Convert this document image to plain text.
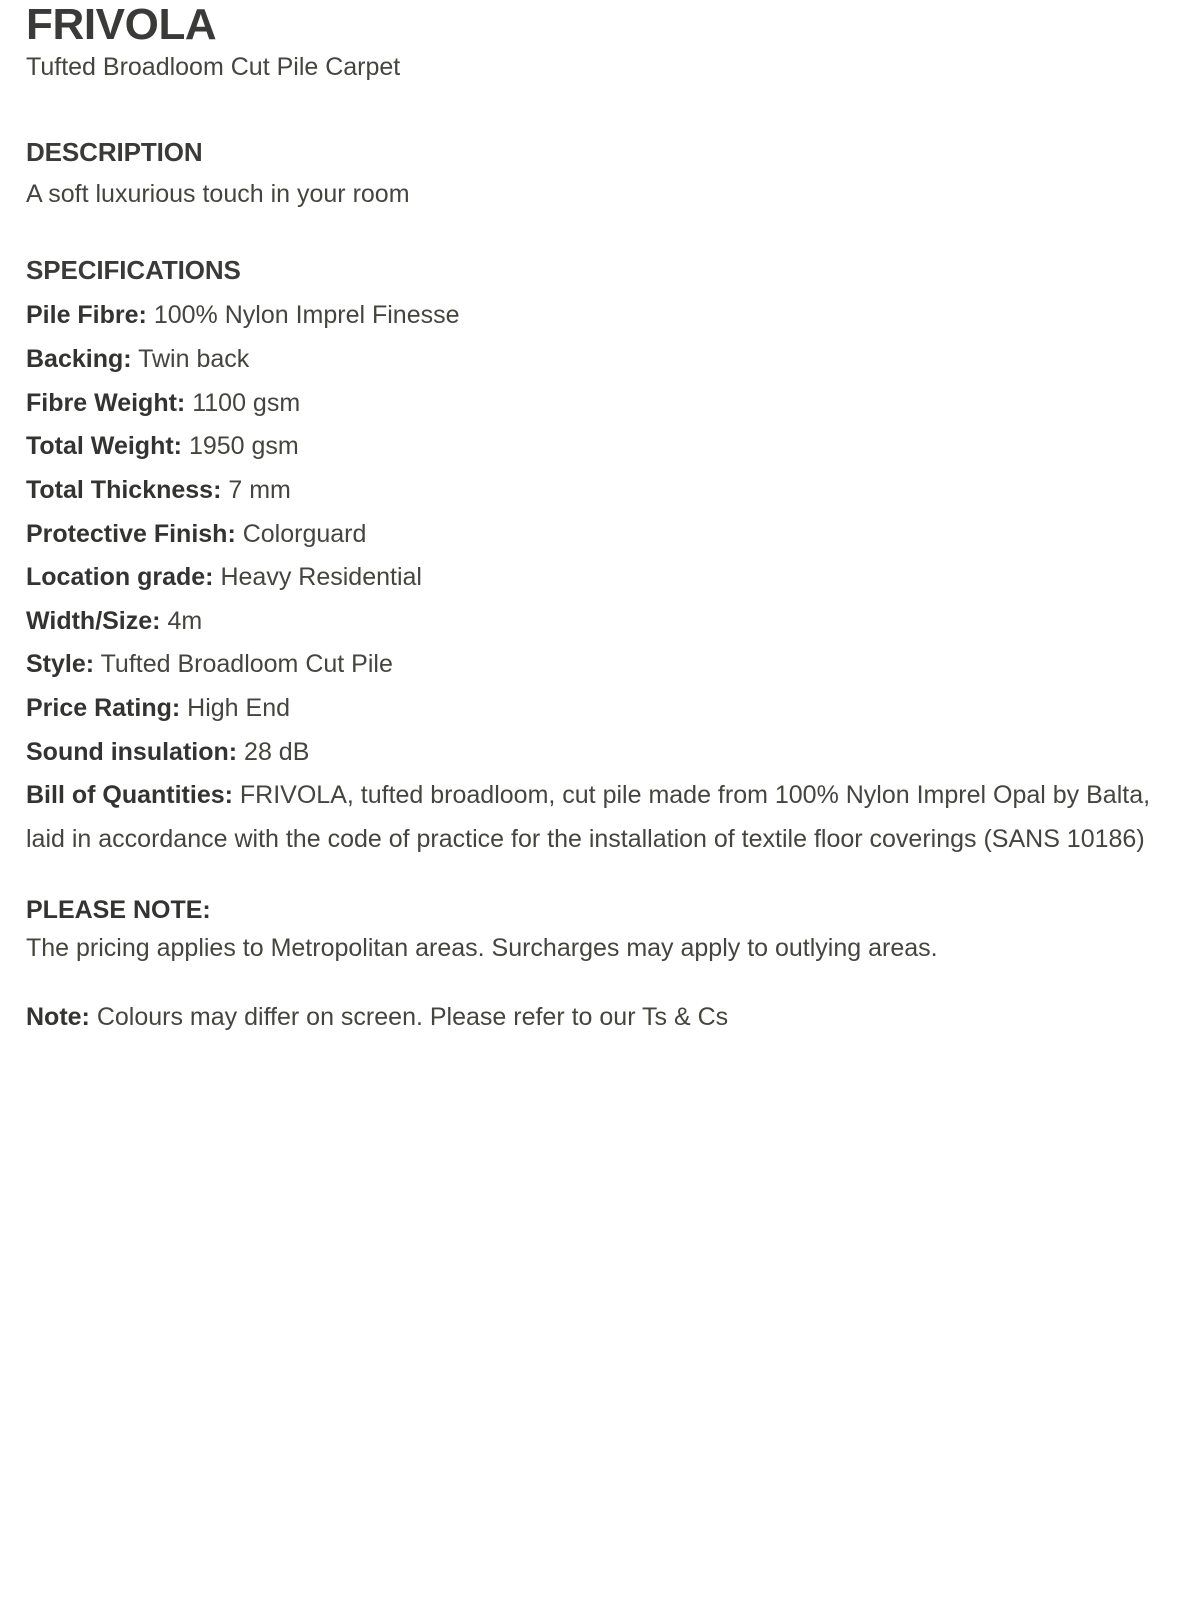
FRIVOLA

Tufted Broadloom Cut Pile Carpet

DESCRIPTION

A soft luxurious touch in your room

SPECIFICATIONS
Pile Fibre: 100% Nylon Imprel Finesse
Backing: Twin back
Fibre Weight: 1100 gsm
Total Weight: 1950 gsm
Total Thickness: 7 mm
Protective Finish: Colorguard
Location grade: Heavy Residential
Width/Size: 4m
Style: Tufted Broadloom Cut Pile
Price Rating: High End
Sound insulation: 28 dB
Bill of Quantities: FRIVOLA, tufted broadloom, cut pile made from 100% Nylon Imprel Opal by Balta, laid in accordance with the code of practice for the installation of textile floor coverings (SANS 10186)

PLEASE NOTE:

The pricing applies to Metropolitan areas. Surcharges may apply to outlying areas.

Note: Colours may differ on screen. Please refer to our Ts & Cs
